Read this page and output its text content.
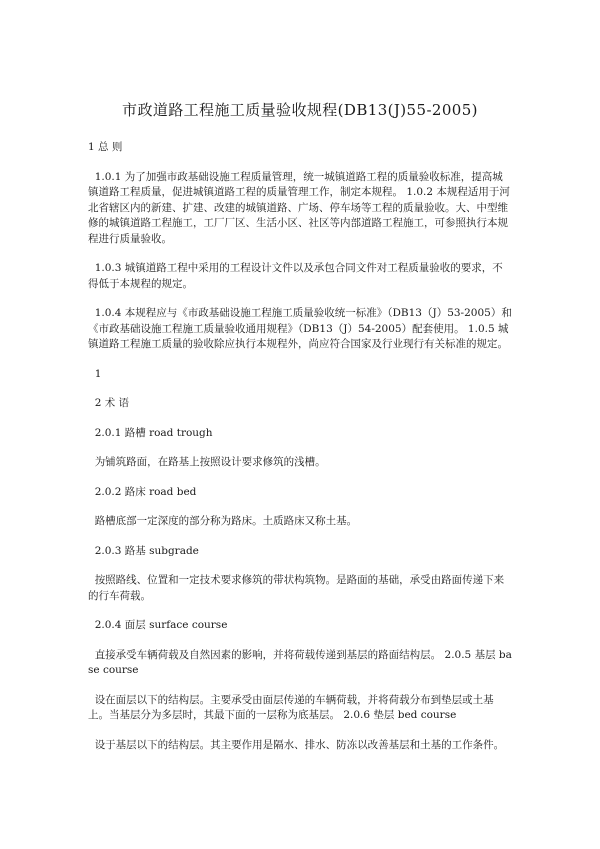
市政道路工程施工质量验收规程(DB13(J)55-2005)

1 总 则

1.0.1 为了加强市政基础设施工程质量管理，统一城镇道路工程的质量验收标准，提高城镇道路工程质量，促进城镇道路工程的质量管理工作，制定本规程。 1.0.2 本规程适用于河北省辖区内的新建、扩建、改建的城镇道路、广场、停车场等工程的质量验收。大、中型维修的城镇道路工程施工，工厂厂区、生活小区、社区等内部道路工程施工，可参照执行本规程进行质量验收。

1.0.3 城镇道路工程中采用的工程设计文件以及承包合同文件对工程质量验收的要求，不得低于本规程的规定。

1.0.4 本规程应与《市政基础设施工程施工质量验收统一标准》（DB13（J）53-2005）和《市政基础设施工程施工质量验收通用规程》（DB13（J）54-2005）配套使用。 1.0.5 城镇道路工程施工质量的验收除应执行本规程外，尚应符合国家及行业现行有关标准的规定。

1

2 术 语

2.0.1 路槽 road trough

为铺筑路面，在路基上按照设计要求修筑的浅槽。

2.0.2 路床 road bed

路槽底部一定深度的部分称为路床。土质路床又称土基。

2.0.3 路基 subgrade

按照路线、位置和一定技术要求修筑的带状构筑物。是路面的基础，承受由路面传递下来的行车荷载。

2.0.4 面层 surface course

直接承受车辆荷载及自然因素的影响，并将荷载传递到基层的路面结构层。 2.0.5 基层 base course

设在面层以下的结构层。主要承受由面层传递的车辆荷载，并将荷载分布到垫层或土基上。当基层分为多层时，其最下面的一层称为底基层。 2.0.6 垫层 bed course

设于基层以下的结构层。其主要作用是隔水、排水、防冻以改善基层和土基的工作条件。
